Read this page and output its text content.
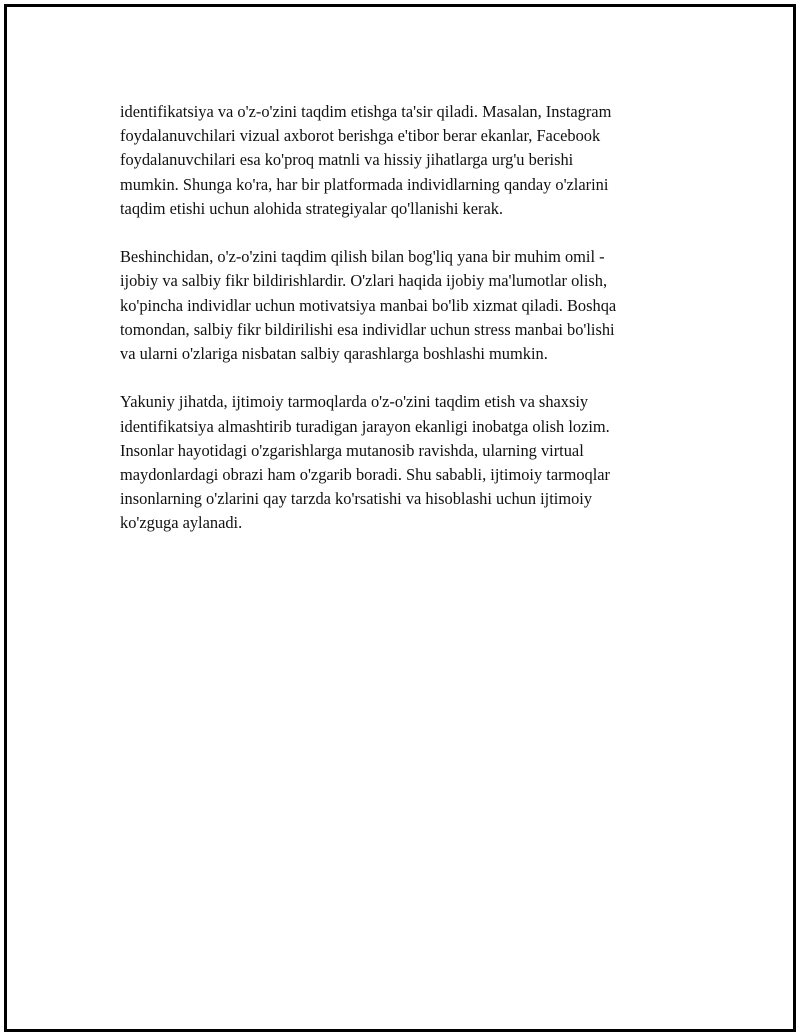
identifikatsiya va o'z-o'zini taqdim etishga ta'sir qiladi. Masalan, Instagram
foydalanuvchilari vizual axborot berishga e'tibor berar ekanlar, Facebook
foydalanuvchilari esa ko'proq matnli va hissiy jihatlarga urg'u berishi
mumkin. Shunga ko'ra, har bir platformada individlarning qanday o'zlarini
taqdim etishi uchun alohida strategiyalar qo'llanishi kerak.

Beshinchidan, o'z-o'zini taqdim qilish bilan bog'liq yana bir muhim omil -
ijobiy va salbiy fikr bildirishlardir. O'zlari haqida ijobiy ma'lumotlar olish,
ko'pincha individlar uchun motivatsiya manbai bo'lib xizmat qiladi. Boshqa
tomondan, salbiy fikr bildirilishi esa individlar uchun stress manbai bo'lishi
va ularni o'zlariga nisbatan salbiy qarashlarga boshlashi mumkin.

Yakuniy jihatda, ijtimoiy tarmoqlarda o'z-o'zini taqdim etish va shaxsiy
identifikatsiya almashtirib turadigan jarayon ekanligi inobatga olish lozim.
Insonlar hayotidagi o'zgarishlarga mutanosib ravishda, ularning virtual
maydonlardagi obrazi ham o'zgarib boradi. Shu sababli, ijtimoiy tarmoqlar
insonlarning o'zlarini qay tarzda ko'rsatishi va hisoblashi uchun ijtimoiy
ko'zguga aylanadi.
